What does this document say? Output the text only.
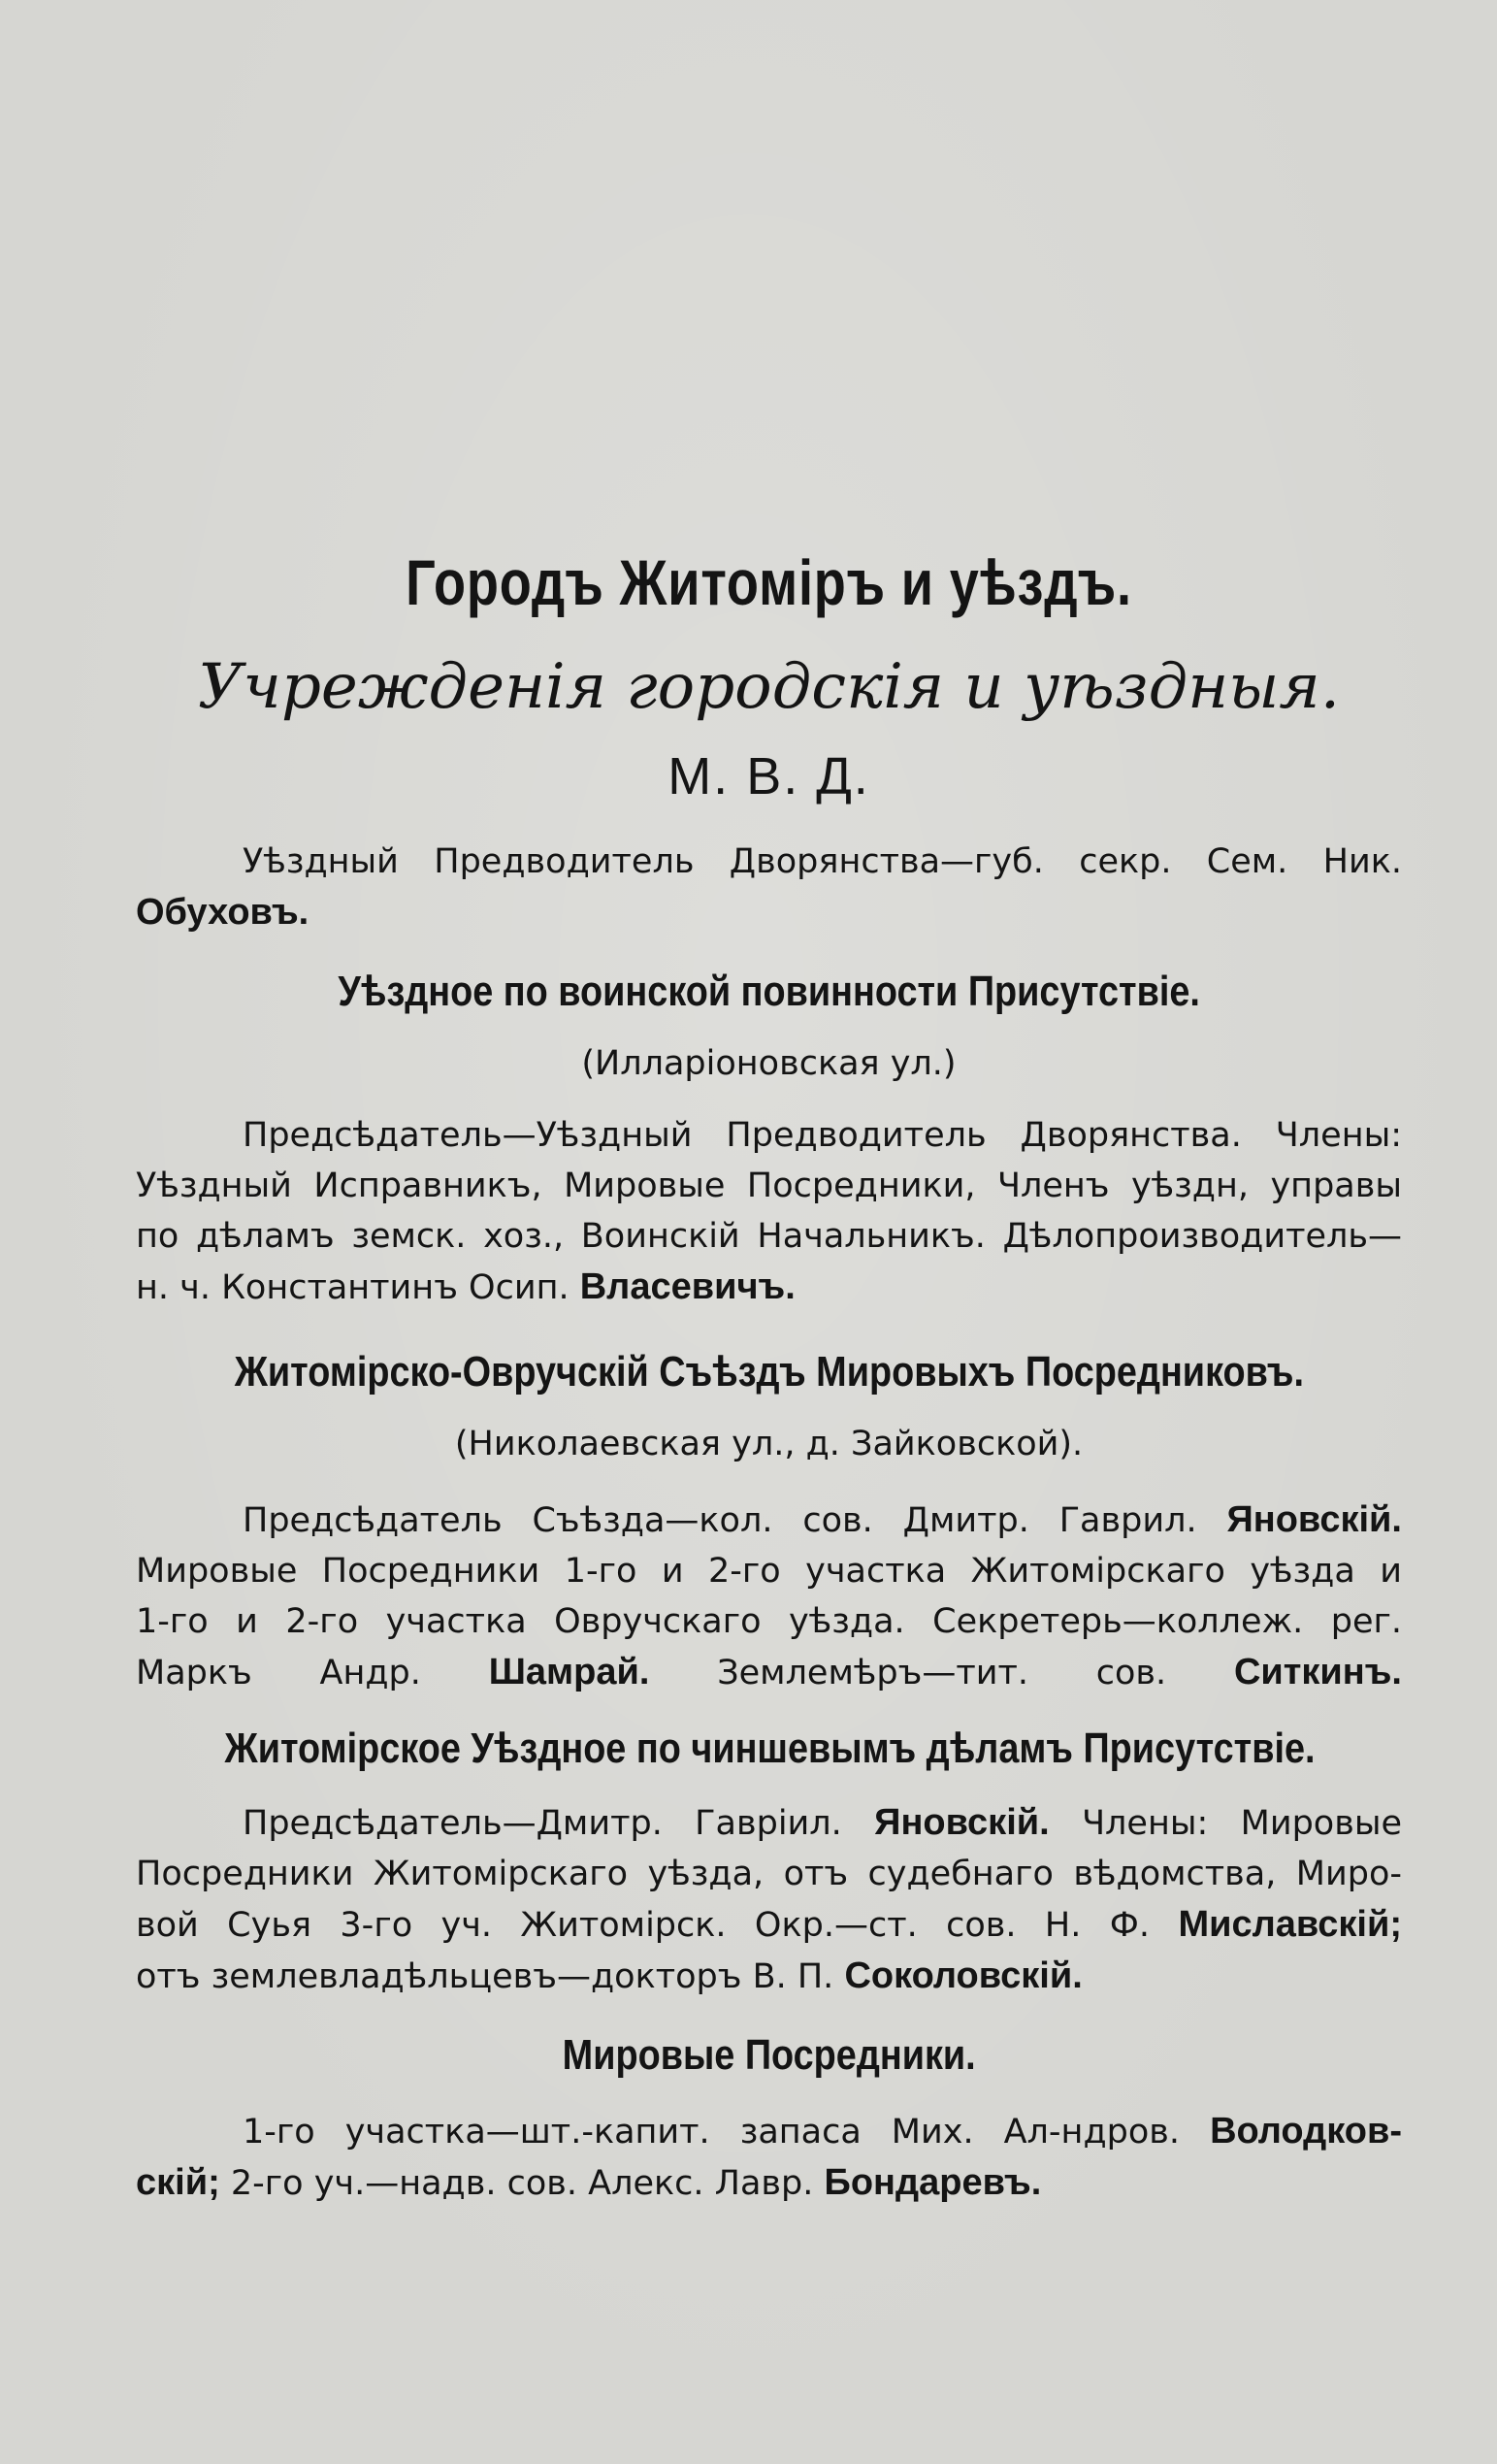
Городъ Житоміръ и уѣздъ.
Учрежденія городскія и уѣздныя.
М. В. Д.
Уѣздный Предводитель Дворянства—губ. секр. Сем. Ник.
Обуховъ.
Уѣздное по воинской повинности Присутствіе.
(Илларіоновская ул.)
Предсѣдатель—Уѣздный Предводитель Дворянства. Члены:
Уѣздный Исправникъ, Мировые Посредники, Членъ уѣздн, управы
по дѣламъ земск. хоз., Воинскій Начальникъ. Дѣлопроизводитель—
н. ч. Константинъ Осип. Власевичъ.
Житомірско-Овручскій Съѣздъ Мировыхъ Посредниковъ.
(Николаевская ул., д. Зайковской).
Предсѣдатель Съѣзда—кол. сов. Дмитр. Гаврил. Яновскій.
Мировые Посредники 1-го и 2-го участка Житомірскаго уѣзда и
1-го и 2-го участка Овручскаго уѣзда. Секретерь—коллеж. рег.
Маркъ Андр. Шамрай. Землемѣръ—тит. сов. Ситкинъ.
Житомірское Уѣздное по чиншевымъ дѣламъ Присутствіе.
Предсѣдатель—Дмитр. Гавріил. Яновскій. Члены: Мировые
Посредники Житомірскаго уѣзда, отъ судебнаго вѣдомства, Миро-
вой Суья 3-го уч. Житомірск. Окр.—ст. сов. Н. Ф. Миславскій;
отъ землевладѣльцевъ—докторъ В. П. Соколовскій.
Мировые Посредники.
1-го участка—шт.-капит. запаса Мих. Ал-ндров. Володков-
скій; 2-го уч.—надв. сов. Алекс. Лавр. Бондаревъ.
